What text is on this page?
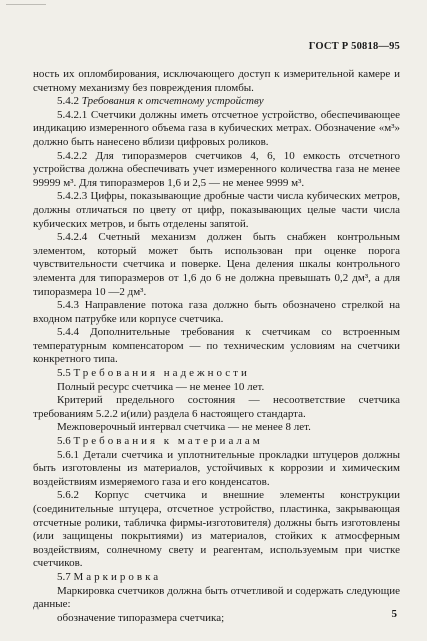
ГОСТ Р 50818—95

ность их опломбирования, исключающего доступ к измерительной камере и счетному механизму без повреждения пломбы.

5.4.2 Требования к отсчетному устройству

5.4.2.1 Счетчики должны иметь отсчетное устройство, обеспечивающее индикацию измеренного объема газа в кубических метрах. Обозначение «м³» должно быть нанесено вблизи цифровых роликов.

5.4.2.2 Для типоразмеров счетчиков 4, 6, 10 емкость отсчетного устройства должна обеспечивать учет измеренного количества газа не менее 99999 м³. Для типоразмеров 1,6 и 2,5 — не менее 9999 м³.

5.4.2.3 Цифры, показывающие дробные части числа кубических метров, должны отличаться по цвету от цифр, показывающих целые части числа кубических метров, и быть отделены запятой.

5.4.2.4 Счетный механизм должен быть снабжен контрольным элементом, который может быть использован при оценке порога чувствительности счетчика и поверке. Цена деления шкалы контрольного элемента для типоразмеров от 1,6 до 6 не должна превышать 0,2 дм³, а для типоразмера 10 —2 дм³.

5.4.3 Направление потока газа должно быть обозначено стрелкой на входном патрубке или корпусе счетчика.

5.4.4 Дополнительные требования к счетчикам со встроенным температурным компенсатором — по техническим условиям на счетчики конкретного типа.

5.5 Требования надежности

Полный ресурс счетчика — не менее 10 лет.

Критерий предельного состояния — несоответствие счетчика требованиям 5.2.2 и(или) раздела 6 настоящего стандарта.

Межповерочный интервал счетчика — не менее 8 лет.

5.6 Требования к материалам

5.6.1 Детали счетчика и уплотнительные прокладки штуцеров должны быть изготовлены из материалов, устойчивых к коррозии и химическим воздействиям измеряемого газа и его конденсатов.

5.6.2 Корпус счетчика и внешние элементы конструкции (соединительные штуцера, отсчетное устройство, пластинка, закрывающая отсчетные ролики, табличка фирмы-изготовителя) должны быть изготовлены (или защищены покрытиями) из материалов, стойких к атмосферным воздействиям, солнечному свету и реагентам, используемым при чистке счетчиков.

5.7 Маркировка

Маркировка счетчиков должна быть отчетливой и содержать следующие данные:

обозначение типоразмера счетчика;	5
